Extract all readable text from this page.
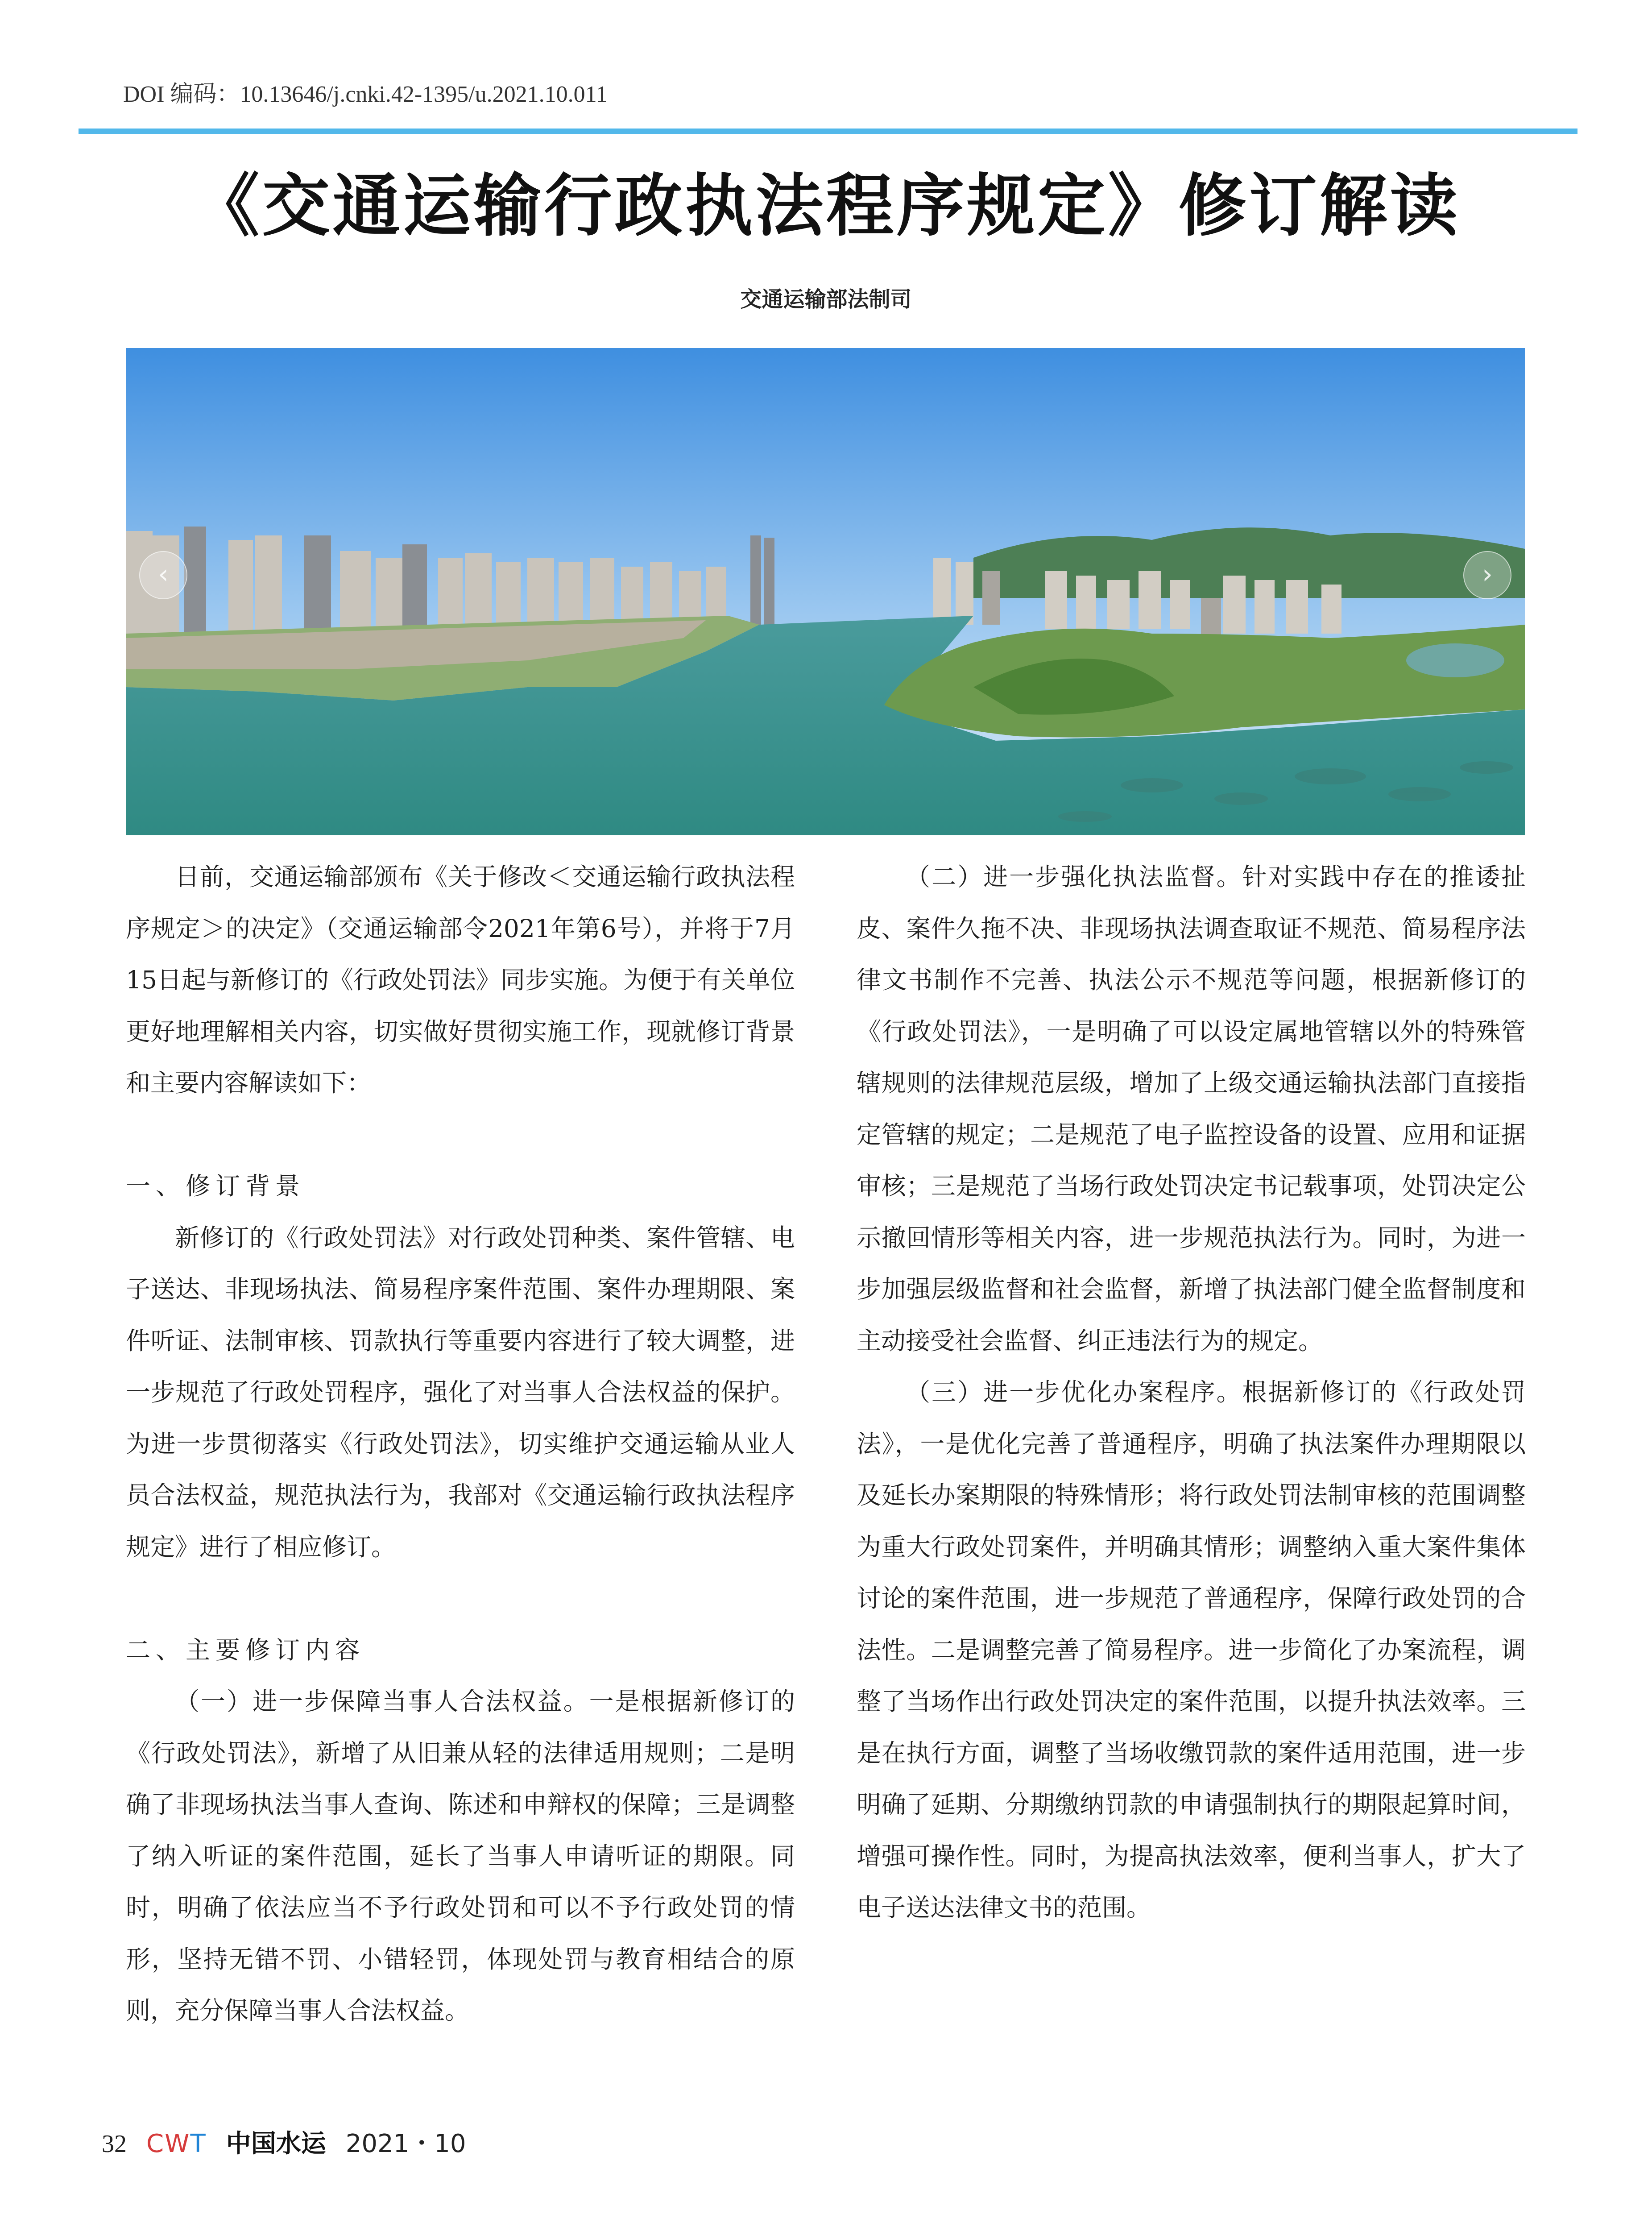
DOI 编码：10.13646/j.cnki.42-1395/u.2021.10.011
《交通运输行政执法程序规定》修订解读
交通运输部法制司
‹	›

日前，交通运输部颁布《关于修改＜交通运输行政执法程序规定＞的决定》（交通运输部令2021年第6号），并将于7月15日起与新修订的《行政处罚法》同步实施。为便于有关单位更好地理解相关内容，切实做好贯彻实施工作，现就修订背景和主要内容解读如下：

一、修订背景

新修订的《行政处罚法》对行政处罚种类、案件管辖、电子送达、非现场执法、简易程序案件范围、案件办理期限、案件听证、法制审核、罚款执行等重要内容进行了较大调整，进一步规范了行政处罚程序，强化了对当事人合法权益的保护。为进一步贯彻落实《行政处罚法》，切实维护交通运输从业人员合法权益，规范执法行为，我部对《交通运输行政执法程序规定》进行了相应修订。

二、主要修订内容

（一）进一步保障当事人合法权益。一是根据新修订的《行政处罚法》，新增了从旧兼从轻的法律适用规则；二是明确了非现场执法当事人查询、陈述和申辩权的保障；三是调整了纳入听证的案件范围，延长了当事人申请听证的期限。同时，明确了依法应当不予行政处罚和可以不予行政处罚的情形，坚持无错不罚、小错轻罚，体现处罚与教育相结合的原则，充分保障当事人合法权益。

（二）进一步强化执法监督。针对实践中存在的推诿扯皮、案件久拖不决、非现场执法调查取证不规范、简易程序法律文书制作不完善、执法公示不规范等问题，根据新修订的《行政处罚法》，一是明确了可以设定属地管辖以外的特殊管辖规则的法律规范层级，增加了上级交通运输执法部门直接指定管辖的规定；二是规范了电子监控设备的设置、应用和证据审核；三是规范了当场行政处罚决定书记载事项，处罚决定公示撤回情形等相关内容，进一步规范执法行为。同时，为进一步加强层级监督和社会监督，新增了执法部门健全监督制度和主动接受社会监督、纠正违法行为的规定。

（三）进一步优化办案程序。根据新修订的《行政处罚法》，一是优化完善了普通程序，明确了执法案件办理期限以及延长办案期限的特殊情形；将行政处罚法制审核的范围调整为重大行政处罚案件，并明确其情形；调整纳入重大案件集体讨论的案件范围，进一步规范了普通程序，保障行政处罚的合法性。二是调整完善了简易程序。进一步简化了办案流程，调整了当场作出行政处罚决定的案件范围，以提升执法效率。三是在执行方面，调整了当场收缴罚款的案件适用范围，进一步明确了延期、分期缴纳罚款的申请强制执行的期限起算时间，增强可操作性。同时，为提高执法效率，便利当事人，扩大了电子送达法律文书的范围。

32 CWT 中国水运 2021・10
